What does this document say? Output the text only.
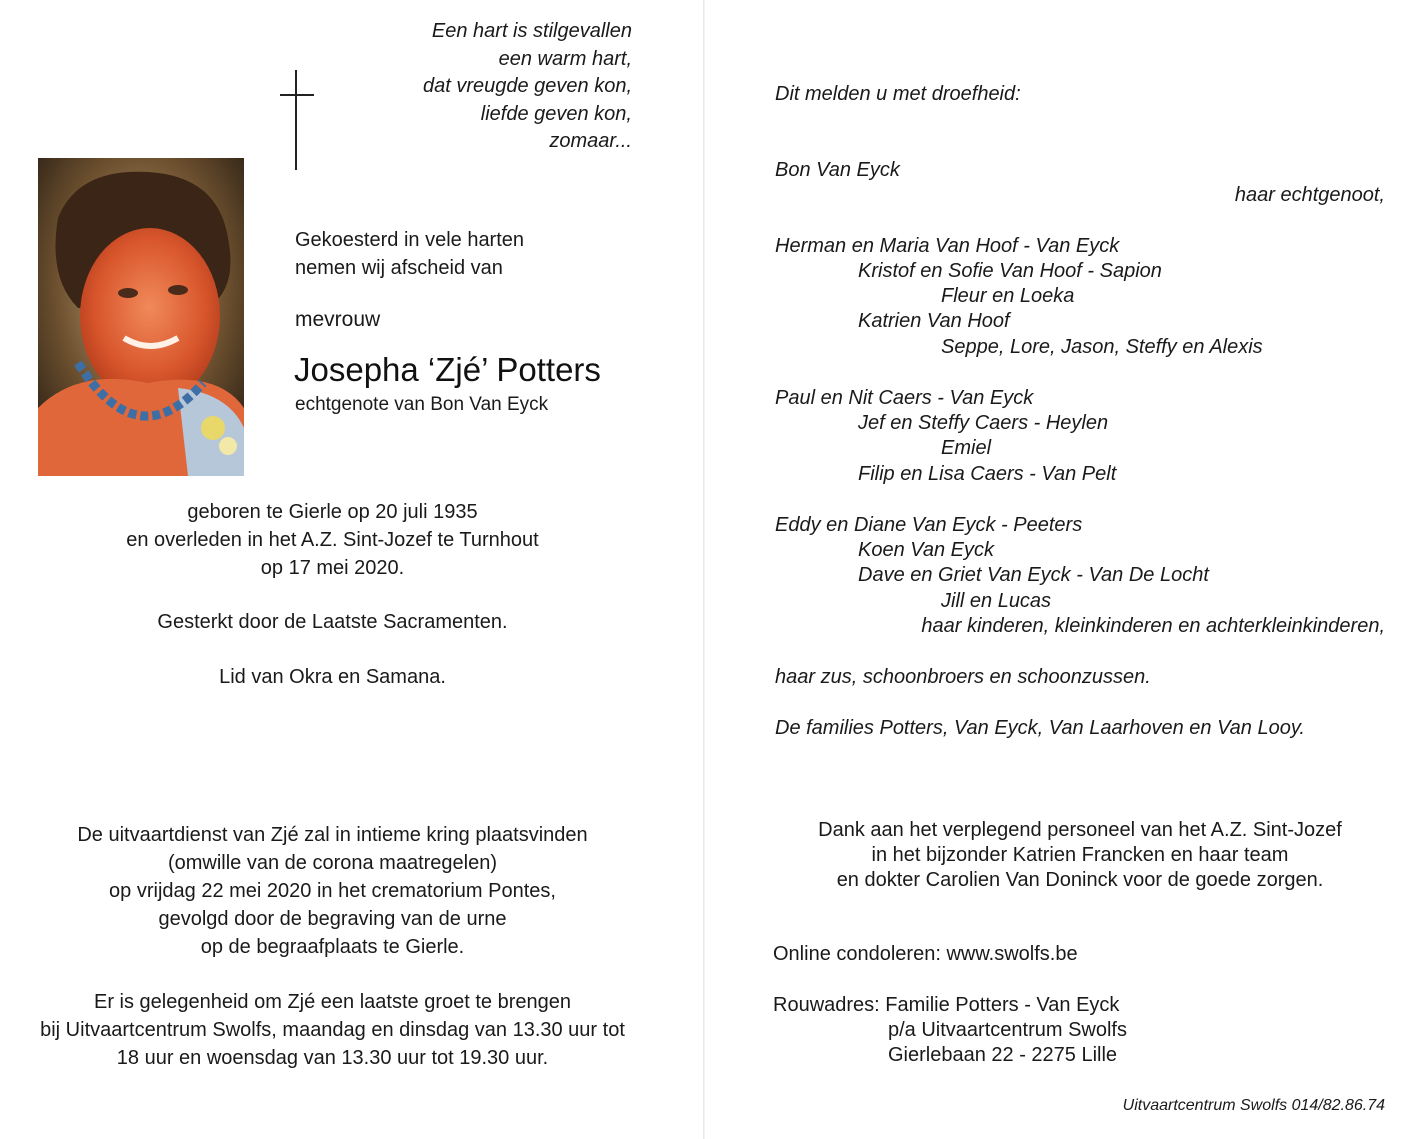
Een hart is stilgevallen
een warm hart,
dat vreugde geven kon,
liefde geven kon,
zomaar...
Gekoesterd in vele harten
nemen wij afscheid van
mevrouw
Josepha ‘Zjé’ Potters
echtgenote van Bon Van Eyck
geboren te Gierle op 20 juli 1935
en overleden in het A.Z. Sint-Jozef te Turnhout
op 17 mei 2020.
Gesterkt door de Laatste Sacramenten.
Lid van Okra en Samana.
De uitvaartdienst van Zjé zal in intieme kring plaatsvinden
(omwille van de corona maatregelen)
op vrijdag 22 mei 2020 in het crematorium Pontes,
gevolgd door de begraving van de urne
op de begraafplaats te Gierle.
Er is gelegenheid om Zjé een laatste groet te brengen
bij Uitvaartcentrum Swolfs, maandag en dinsdag van 13.30 uur tot
18 uur en woensdag van 13.30 uur tot 19.30 uur.
Dit melden u met droefheid:
Bon Van Eyck
haar echtgenoot,
Herman en Maria Van Hoof - Van Eyck
Kristof en Sofie Van Hoof - Sapion
Fleur en Loeka
Katrien Van Hoof
Seppe, Lore, Jason, Steffy en Alexis
Paul en Nit Caers - Van Eyck
Jef en Steffy Caers - Heylen
Emiel
Filip en Lisa Caers - Van Pelt
Eddy en Diane Van Eyck - Peeters
Koen Van Eyck
Dave en Griet Van Eyck - Van De Locht
Jill en Lucas
haar kinderen, kleinkinderen en achterkleinkinderen,
haar zus, schoonbroers en schoonzussen.
De families Potters, Van Eyck, Van Laarhoven en Van Looy.
Dank aan het verplegend personeel van het A.Z. Sint-Jozef
in het bijzonder Katrien Francken en haar team
en dokter Carolien Van Doninck voor de goede zorgen.
Online condoleren: www.swolfs.be
Rouwadres: Familie Potters - Van Eyck
p/a Uitvaartcentrum Swolfs
Gierlebaan 22 - 2275 Lille
Uitvaartcentrum Swolfs 014/82.86.74
